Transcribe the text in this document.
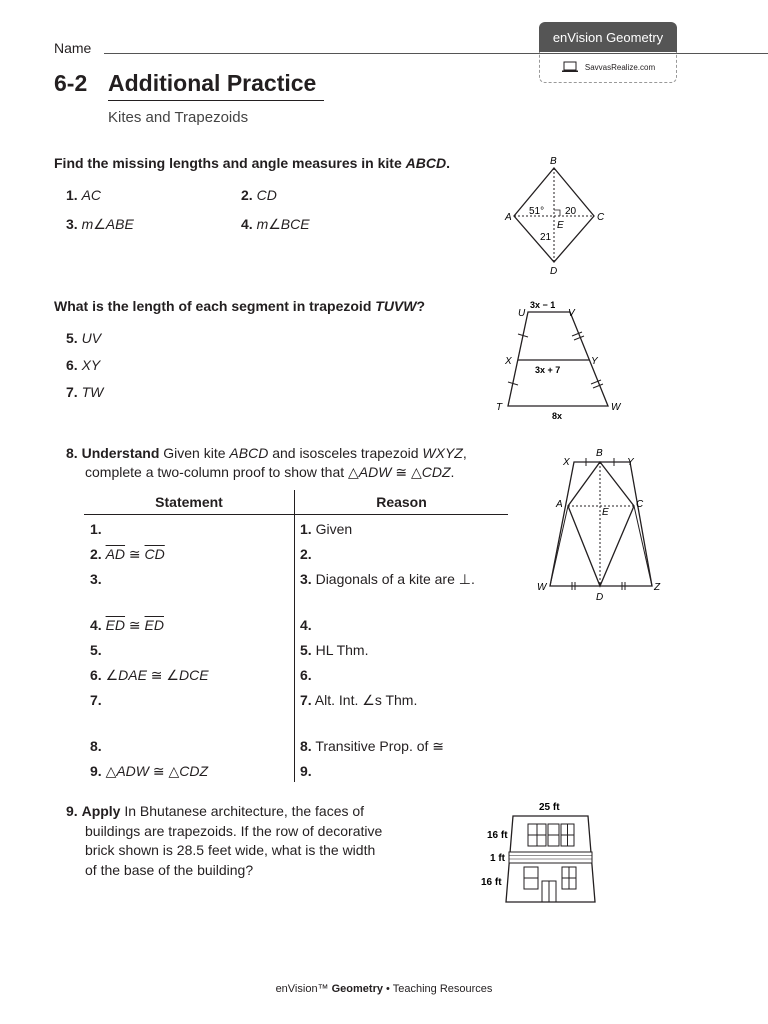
Name
enVision Geometry
SavvasRealize.com
6-2 Additional Practice
Kites and Trapezoids
Find the missing lengths and angle measures in kite ABCD.
1. AC	2. CD
3. m∠ABE	4. m∠BCE
B
A	C
D
E
51° 20
21
What is the length of each segment in trapezoid TUVW?
5. UV
6. XY
7. TW
U	V
X	Y
T	W
3x − 1
3x + 7
8x
8. Understand Given kite ABCD and isosceles trapezoid WXYZ,
complete a two-column proof to show that △ADW ≅ △CDZ.
Statement	Reason
1.	1. Given
2. $\overline{AD}$ ≅ $\overline{CD}$	2.
3.	3. Diagonals of a kite are ⊥.
4. $\overline{ED}$ ≅ $\overline{ED}$	4.
5.	5. HL Thm.
6. ∠DAE ≅ ∠DCE	6.
7.	7. Alt. Int. ∠s Thm.
8.	8. Transitive Prop. of ≅
9. △ADW ≅ △CDZ	9.
X
B
Y
A	C
E
W
D
Z
9. Apply In Bhutanese architecture, the faces of
buildings are trapezoids. If the row of decorative
brick shown is 28.5 feet wide, what is the width
of the base of the building?
25 ft
16 ft
1 ft
16 ft
enVision™ Geometry • Teaching Resources
